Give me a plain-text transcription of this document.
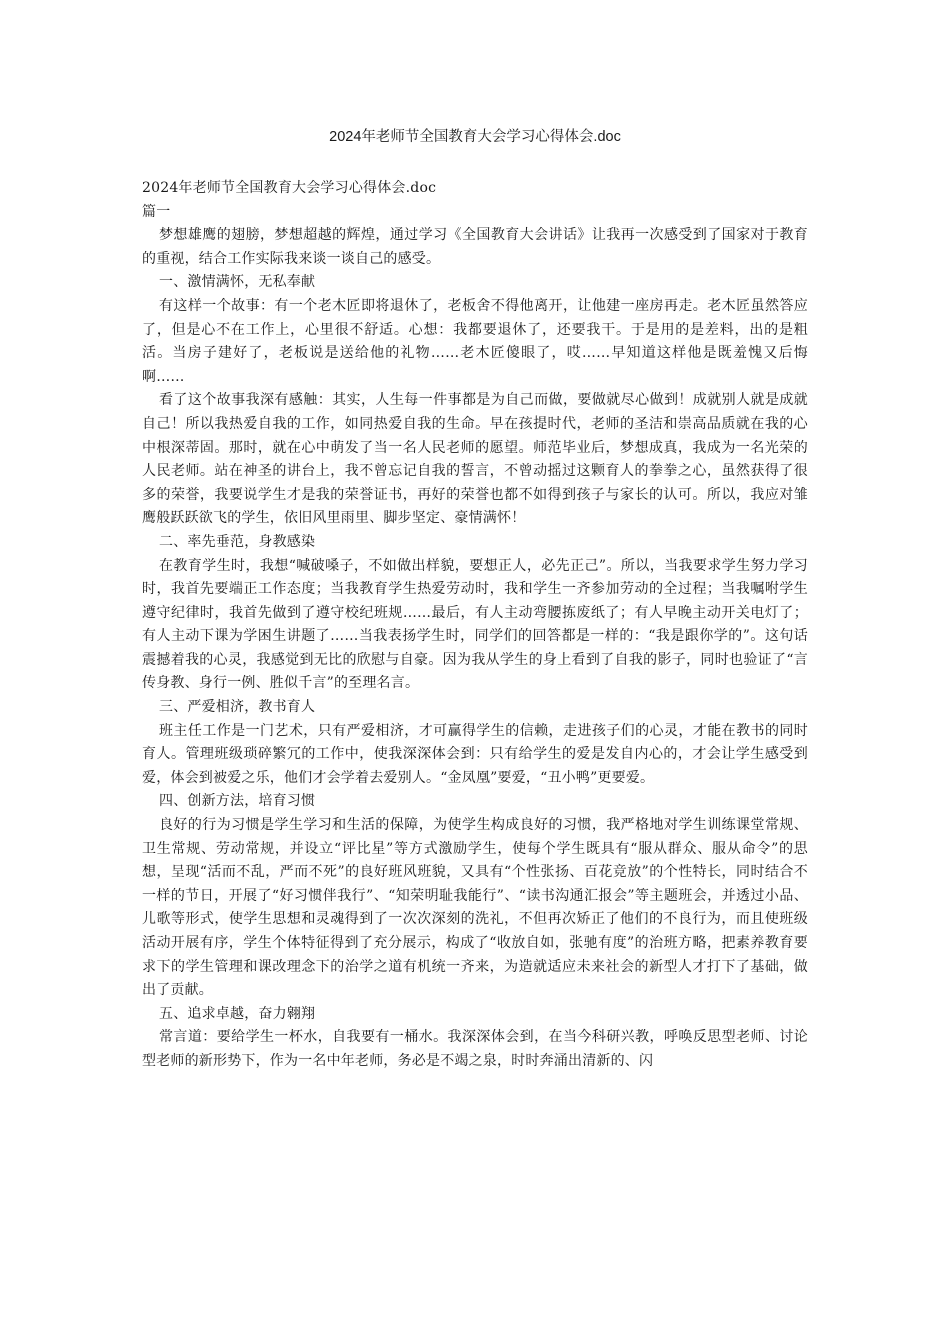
2024年老师节全国教育大会学习心得体会.doc

2024年老师节全国教育大会学习心得体会.doc

篇一

梦想雄鹰的翅膀，梦想超越的辉煌，通过学习《全国教育大会讲话》让我再一次感受到了国家对于教育的重视，结合工作实际我来谈一谈自己的感受。

一、激情满怀，无私奉献

有这样一个故事：有一个老木匠即将退休了，老板舍不得他离开，让他建一座房再走。老木匠虽然答应了，但是心不在工作上，心里很不舒适。心想：我都要退休了，还要我干。于是用的是差料，出的是粗活。当房子建好了，老板说是送给他的礼物……老木匠傻眼了，哎……早知道这样他是既羞愧又后悔啊……

看了这个故事我深有感触：其实，人生每一件事都是为自己而做，要做就尽心做到！成就别人就是成就自己！所以我热爱自我的工作，如同热爱自我的生命。早在孩提时代，老师的圣洁和崇高品质就在我的心中根深蒂固。那时，就在心中萌发了当一名人民老师的愿望。师范毕业后，梦想成真，我成为一名光荣的人民老师。站在神圣的讲台上，我不曾忘记自我的誓言，不曾动摇过这颗育人的拳拳之心，虽然获得了很多的荣誉，我要说学生才是我的荣誉证书，再好的荣誉也都不如得到孩子与家长的认可。所以，我应对雏鹰般跃跃欲飞的学生，依旧风里雨里、脚步坚定、豪情满怀！

二、率先垂范，身教感染

在教育学生时，我想“喊破嗓子，不如做出样貌，要想正人，必先正己”。所以，当我要求学生努力学习时，我首先要端正工作态度；当我教育学生热爱劳动时，我和学生一齐参加劳动的全过程；当我嘱咐学生遵守纪律时，我首先做到了遵守校纪班规……最后，有人主动弯腰拣废纸了；有人早晚主动开关电灯了；有人主动下课为学困生讲题了……当我表扬学生时，同学们的回答都是一样的：“我是跟你学的”。这句话震撼着我的心灵，我感觉到无比的欣慰与自豪。因为我从学生的身上看到了自我的影子，同时也验证了“言传身教、身行一例、胜似千言”的至理名言。

三、严爱相济，教书育人

班主任工作是一门艺术，只有严爱相济，才可赢得学生的信赖，走进孩子们的心灵，才能在教书的同时育人。管理班级琐碎繁冗的工作中，使我深深体会到：只有给学生的爱是发自内心的，才会让学生感受到爱，体会到被爱之乐，他们才会学着去爱别人。“金凤凰”要爱，“丑小鸭”更要爱。

四、创新方法，培育习惯

良好的行为习惯是学生学习和生活的保障，为使学生构成良好的习惯，我严格地对学生训练课堂常规、卫生常规、劳动常规，并设立“评比星”等方式激励学生，使每个学生既具有“服从群众、服从命令”的思想，呈现“活而不乱，严而不死”的良好班风班貌，又具有“个性张扬、百花竞放”的个性特长，同时结合不一样的节日，开展了“好习惯伴我行”、“知荣明耻我能行”、“读书沟通汇报会”等主题班会，并透过小品、儿歌等形式，使学生思想和灵魂得到了一次次深刻的洗礼，不但再次矫正了他们的不良行为，而且使班级活动开展有序，学生个体特征得到了充分展示，构成了“收放自如，张驰有度”的治班方略，把素养教育要求下的学生管理和课改理念下的治学之道有机统一齐来，为造就适应未来社会的新型人才打下了基础，做出了贡献。

五、追求卓越，奋力翱翔

常言道：要给学生一杯水，自我要有一桶水。我深深体会到，在当今科研兴教，呼唤反思型老师、讨论型老师的新形势下，作为一名中年老师，务必是不竭之泉，时时奔涌出清新的、闪
